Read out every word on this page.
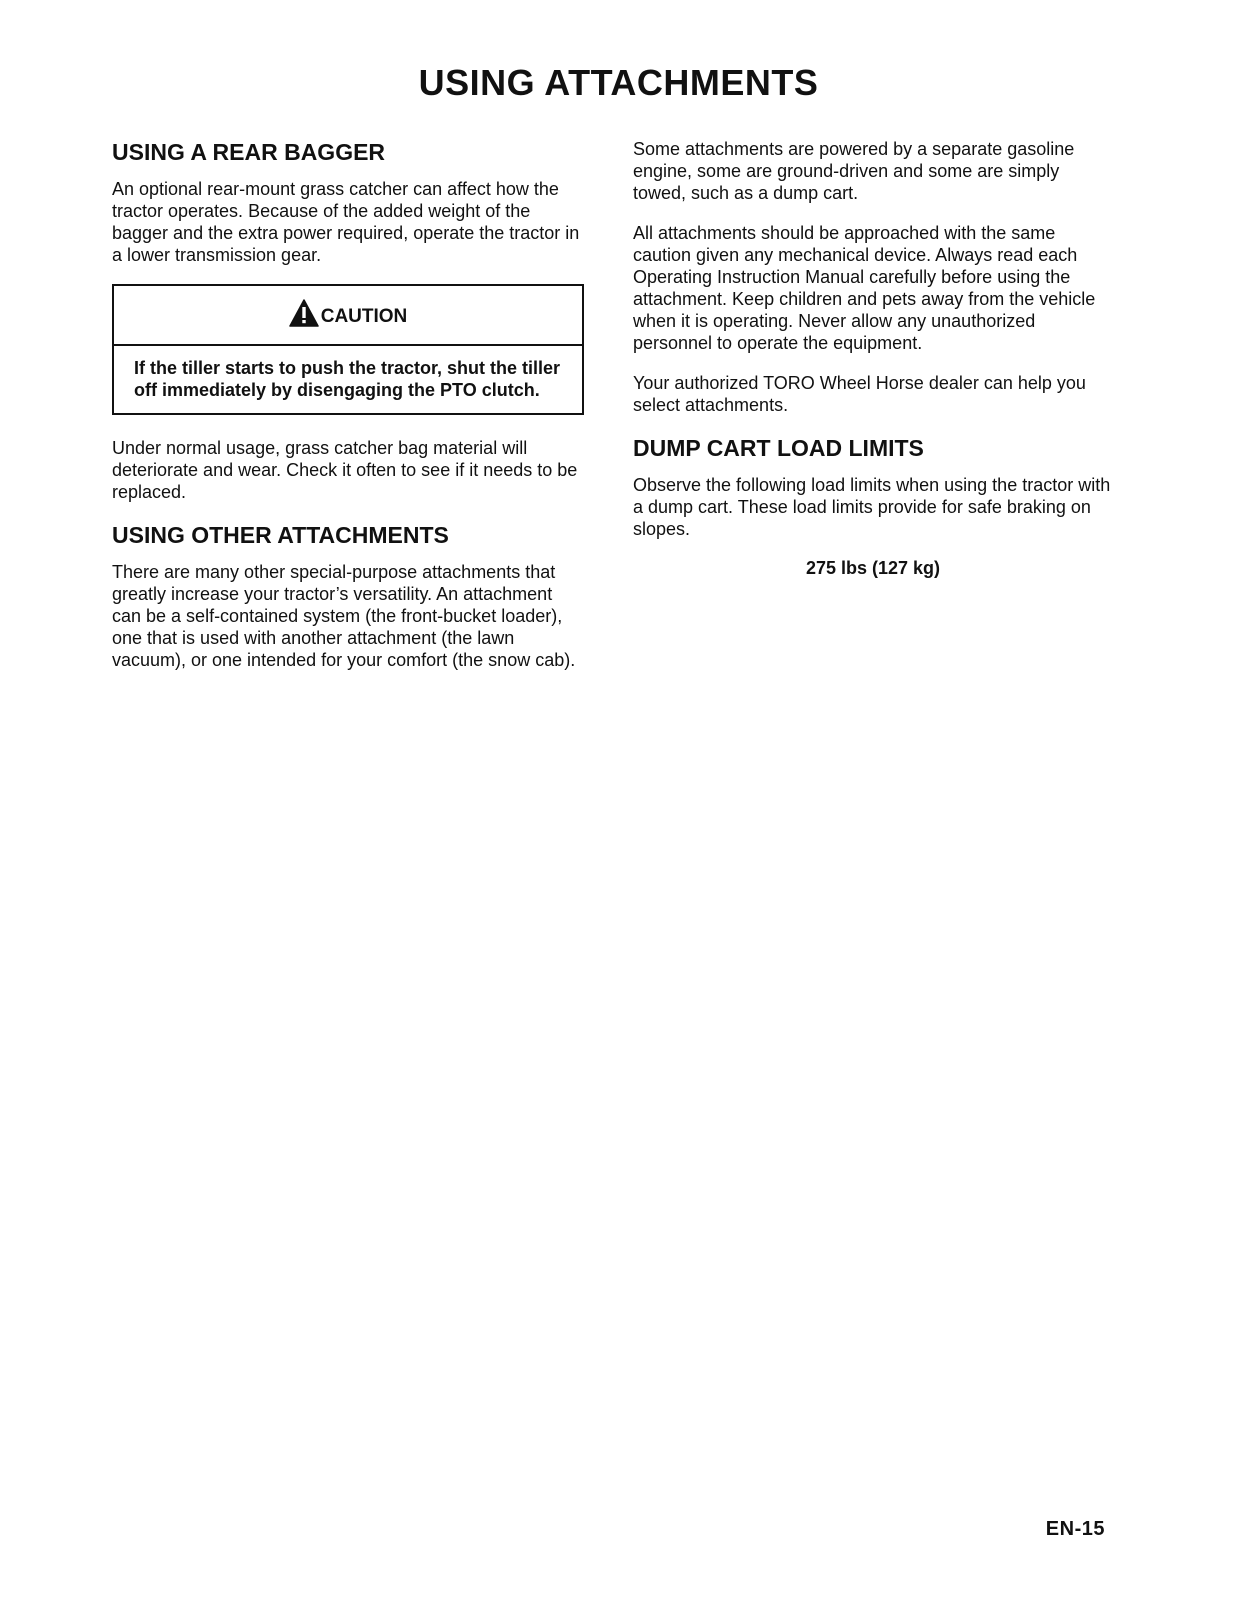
USING ATTACHMENTS
USING A REAR BAGGER

An optional rear-mount grass catcher can affect how the tractor operates. Because of the added weight of the bagger and the extra power required, operate the tractor in a lower transmission gear.

CAUTION
If the tiller starts to push the tractor, shut the tiller off immediately by disengaging the PTO clutch.

Under normal usage, grass catcher bag material will deteriorate and wear. Check it often to see if it needs to be replaced.

USING OTHER ATTACHMENTS

There are many other special-purpose attachments that greatly increase your tractor’s versatility. An attachment can be a self-contained system (the front-bucket loader), one that is used with another attachment (the lawn vacuum), or one intended for your comfort (the snow cab).

Some attachments are powered by a separate gasoline engine, some are ground-driven and some are simply towed, such as a dump cart.

All attachments should be approached with the same caution given any mechanical device. Always read each Operating Instruction Manual carefully before using the attachment. Keep children and pets away from the vehicle when it is operating. Never allow any unauthorized personnel to operate the equipment.

Your authorized TORO Wheel Horse dealer can help you select attachments.

DUMP CART LOAD LIMITS

Observe the following load limits when using the tractor with a dump cart. These load limits provide for safe braking on slopes.

275 lbs (127 kg)

EN-15
